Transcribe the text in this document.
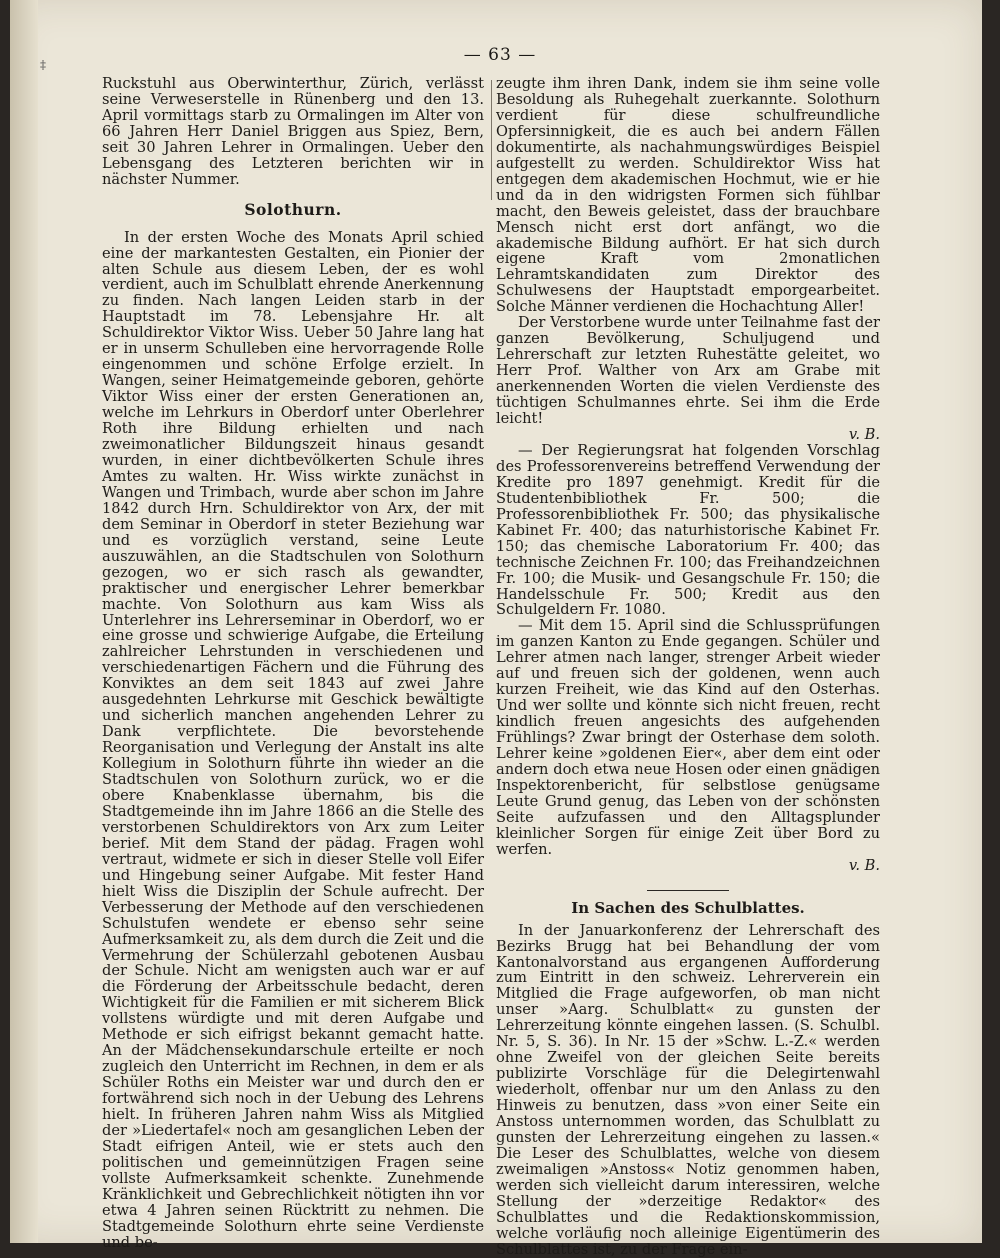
‡	— 63 —

Ruckstuhl aus Oberwinterthur, Zürich, verlässt seine Verweserstelle in Rünenberg und den 13. April vormittags starb zu Ormalingen im Alter von 66 Jahren Herr Daniel Briggen aus Spiez, Bern, seit 30 Jahren Lehrer in Ormalingen. Ueber den Lebensgang des Letzteren berichten wir in nächster Nummer.

Solothurn.

In der ersten Woche des Monats April schied eine der markantesten Gestalten, ein Pionier der alten Schule aus diesem Leben, der es wohl verdient, auch im Schulblatt ehrende Anerkennung zu finden. Nach langen Leiden starb in der Hauptstadt im 78. Lebensjahre Hr. alt Schuldirektor Viktor Wiss. Ueber 50 Jahre lang hat er in unserm Schulleben eine hervorragende Rolle eingenommen und schöne Erfolge erzielt. In Wangen, seiner Heimatgemeinde geboren, gehörte Viktor Wiss einer der ersten Generationen an, welche im Lehrkurs in Oberdorf unter Oberlehrer Roth ihre Bildung erhielten und nach zweimonatlicher Bildungszeit hinaus gesandt wurden, in einer dichtbevölkerten Schule ihres Amtes zu walten. Hr. Wiss wirkte zunächst in Wangen und Trimbach, wurde aber schon im Jahre 1842 durch Hrn. Schuldirektor von Arx, der mit dem Seminar in Oberdorf in steter Beziehung war und es vorzüglich verstand, seine Leute auszuwählen, an die Stadtschulen von Solothurn gezogen, wo er sich rasch als gewandter, praktischer und energischer Lehrer bemerkbar machte. Von Solothurn aus kam Wiss als Unterlehrer ins Lehrerseminar in Oberdorf, wo er eine grosse und schwierige Aufgabe, die Erteilung zahlreicher Lehrstunden in verschiedenen und verschiedenartigen Fächern und die Führung des Konviktes an dem seit 1843 auf zwei Jahre ausgedehnten Lehrkurse mit Geschick bewältigte und sicherlich manchen angehenden Lehrer zu Dank verpflichtete. Die bevorstehende Reorganisation und Verlegung der Anstalt ins alte Kollegium in Solothurn führte ihn wieder an die Stadtschulen von Solothurn zurück, wo er die obere Knabenklasse übernahm, bis die Stadtgemeinde ihn im Jahre 1866 an die Stelle des verstorbenen Schuldirektors von Arx zum Leiter berief. Mit dem Stand der pädag. Fragen wohl vertraut, widmete er sich in dieser Stelle voll Eifer und Hingebung seiner Aufgabe. Mit fester Hand hielt Wiss die Disziplin der Schule aufrecht. Der Verbesserung der Methode auf den verschiedenen Schulstufen wendete er ebenso sehr seine Aufmerksamkeit zu, als dem durch die Zeit und die Vermehrung der Schülerzahl gebotenen Ausbau der Schule. Nicht am wenigsten auch war er auf die Förderung der Arbeitsschule bedacht, deren Wichtigkeit für die Familien er mit sicherem Blick vollstens würdigte und mit deren Aufgabe und Methode er sich eifrigst bekannt gemacht hatte. An der Mädchensekundarschule erteilte er noch zugleich den Unterricht im Rechnen, in dem er als Schüler Roths ein Meister war und durch den er fortwährend sich noch in der Uebung des Lehrens hielt. In früheren Jahren nahm Wiss als Mitglied der »Liedertafel« noch am gesanglichen Leben der Stadt eifrigen Anteil, wie er stets auch den politischen und gemeinnützigen Fragen seine vollste Aufmerksamkeit schenkte. Zunehmende Kränklichkeit und Gebrechlichkeit nötigten ihn vor etwa 4 Jahren seinen Rücktritt zu nehmen. Die Stadtgemeinde Solothurn ehrte seine Verdienste und be-

zeugte ihm ihren Dank, indem sie ihm seine volle Besoldung als Ruhegehalt zuerkannte. Solothurn verdient für diese schulfreundliche Opfersinnigkeit, die es auch bei andern Fällen dokumentirte, als nachahmungswürdiges Beispiel aufgestellt zu werden. Schuldirektor Wiss hat entgegen dem akademischen Hochmut, wie er hie und da in den widrigsten Formen sich fühlbar macht, den Beweis geleistet, dass der brauchbare Mensch nicht erst dort anfängt, wo die akademische Bildung aufhört. Er hat sich durch eigene Kraft vom 2monatlichen Lehramtskandidaten zum Direktor des Schulwesens der Hauptstadt emporgearbeitet. Solche Männer verdienen die Hochachtung Aller!

Der Verstorbene wurde unter Teilnahme fast der ganzen Bevölkerung, Schuljugend und Lehrerschaft zur letzten Ruhestätte geleitet, wo Herr Prof. Walther von Arx am Grabe mit anerkennenden Worten die vielen Verdienste des tüchtigen Schulmannes ehrte. Sei ihm die Erde leicht!
v. B.

— Der Regierungsrat hat folgenden Vorschlag des Professorenvereins betreffend Verwendung der Kredite pro 1897 genehmigt. Kredit für die Studentenbibliothek Fr. 500; die Professorenbibliothek Fr. 500; das physikalische Kabinet Fr. 400; das naturhistorische Kabinet Fr. 150; das chemische Laboratorium Fr. 400; das technische Zeichnen Fr. 100; das Freihandzeichnen Fr. 100; die Musik- und Gesangschule Fr. 150; die Handelsschule Fr. 500; Kredit aus den Schulgeldern Fr. 1080.

— Mit dem 15. April sind die Schlussprüfungen im ganzen Kanton zu Ende gegangen. Schüler und Lehrer atmen nach langer, strenger Arbeit wieder auf und freuen sich der goldenen, wenn auch kurzen Freiheit, wie das Kind auf den Osterhas. Und wer sollte und könnte sich nicht freuen, recht kindlich freuen angesichts des aufgehenden Frühlings? Zwar bringt der Osterhase dem soloth. Lehrer keine »goldenen Eier«, aber dem eint oder andern doch etwa neue Hosen oder einen gnädigen Inspektorenbericht, für selbstlose genügsame Leute Grund genug, das Leben von der schönsten Seite aufzufassen und den Alltagsplunder kleinlicher Sorgen für einige Zeit über Bord zu werfen.
v. B.

In Sachen des Schulblattes.

In der Januarkonferenz der Lehrerschaft des Bezirks Brugg hat bei Behandlung der vom Kantonalvorstand aus ergangenen Aufforderung zum Eintritt in den schweiz. Lehrerverein ein Mitglied die Frage aufgeworfen, ob man nicht unser »Aarg. Schulblatt« zu gunsten der Lehrerzeitung könnte eingehen lassen. (S. Schulbl. Nr. 5, S. 36). In Nr. 15 der »Schw. L.-Z.« werden ohne Zweifel von der gleichen Seite bereits publizirte Vorschläge für die Delegirtenwahl wiederholt, offenbar nur um den Anlass zu den Hinweis zu benutzen, dass »von einer Seite ein Anstoss unternommen worden, das Schulblatt zu gunsten der Lehrerzeitung eingehen zu lassen.« Die Leser des Schulblattes, welche von diesem zweimaligen »Anstoss« Notiz genommen haben, werden sich vielleicht darum interessiren, welche Stellung der »derzeitige Redaktor« des Schulblattes und die Redaktionskommission, welche vorläufig noch alleinige Eigentümerin des Schulblattes ist, zu der Frage ein-
